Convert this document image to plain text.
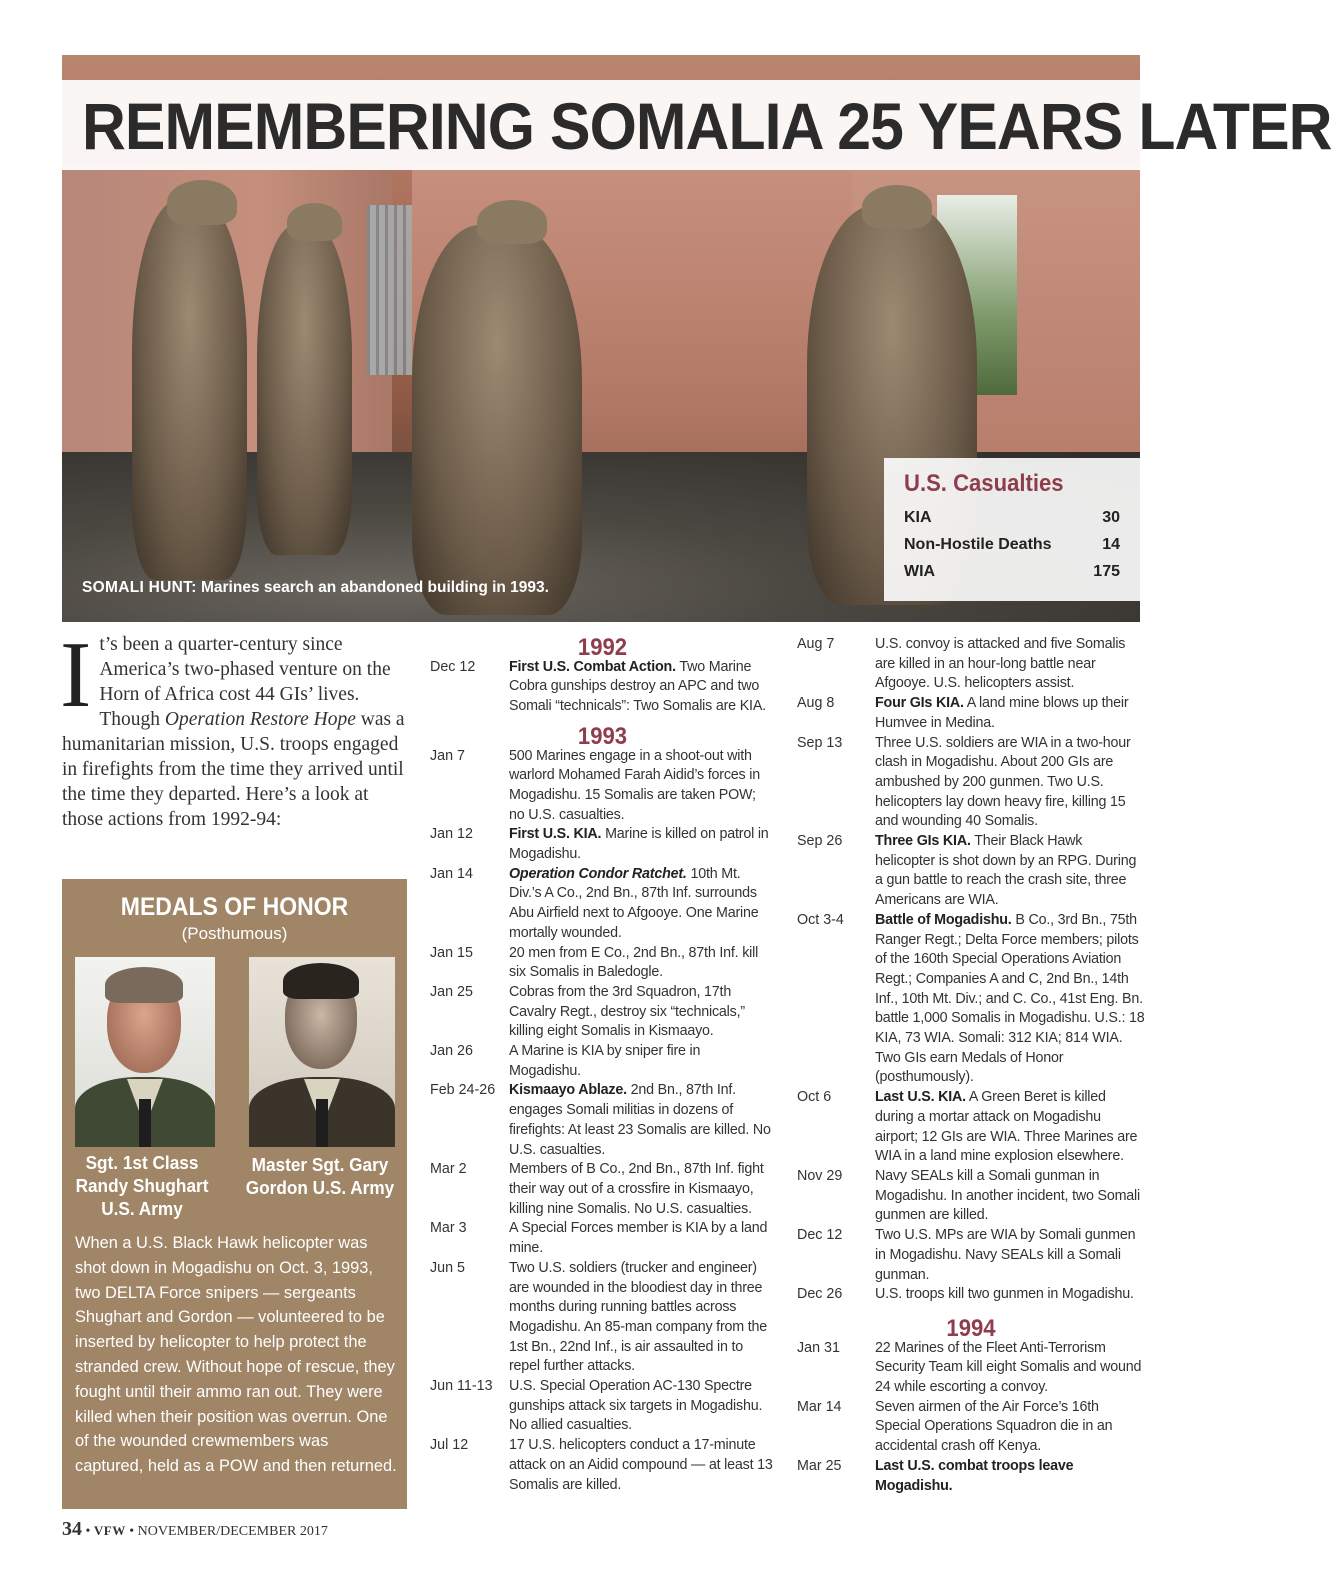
REMEMBERING SOMALIA 25 YEARS LATER
SOMALI HUNT: Marines search an abandoned building in 1993.
U.S. Casualties
KIA	30
Non-Hostile Deaths	14
WIA	175
It’s been a quarter-century since America’s two-phased venture on the Horn of Africa cost 44 GIs’ lives. Though Operation Restore Hope was a humanitarian mission, U.S. troops engaged in firefights from the time they arrived until the time they departed. Here’s a look at those actions from 1992-94:
MEDALS OF HONOR
(Posthumous)
Sgt. 1st Class Randy Shughart U.S. Army
Master Sgt. Gary Gordon U.S. Army
When a U.S. Black Hawk helicopter was shot down in Mogadishu on Oct. 3, 1993, two DELTA Force snipers — sergeants Shughart and Gordon — volunteered to be inserted by helicopter to help protect the stranded crew. Without hope of rescue, they fought until their ammo ran out. They were killed when their position was overrun. One of the wounded crewmembers was captured, held as a POW and then returned.
34 • VFW • NOVEMBER/DECEMBER 2017
1992
Dec 12	First U.S. Combat Action. Two Marine Cobra gunships destroy an APC and two Somali “technicals”: Two Somalis are KIA.
1993
Jan 7	500 Marines engage in a shoot-out with warlord Mohamed Farah Aidid’s forces in Mogadishu. 15 Somalis are taken POW; no U.S. casualties.
Jan 12	First U.S. KIA. Marine is killed on patrol in Mogadishu.
Jan 14	Operation Condor Ratchet. 10th Mt. Div.’s A Co., 2nd Bn., 87th Inf. surrounds Abu Airfield next to Afgooye. One Marine mortally wounded.
Jan 15	20 men from E Co., 2nd Bn., 87th Inf. kill six Somalis in Baledogle.
Jan 25	Cobras from the 3rd Squadron, 17th Cavalry Regt., destroy six “technicals,” killing eight Somalis in Kismaayo.
Jan 26	A Marine is KIA by sniper fire in Mogadishu.
Feb 24-26 Kismaayo Ablaze. 2nd Bn., 87th Inf. engages Somali militias in dozens of firefights: At least 23 Somalis are killed. No U.S. casualties.
Mar 2	Members of B Co., 2nd Bn., 87th Inf. fight their way out of a crossfire in Kismaayo, killing nine Somalis. No U.S. casualties.
Mar 3	A Special Forces member is KIA by a land mine.
Jun 5	Two U.S. soldiers (trucker and engineer) are wounded in the bloodiest day in three months during running battles across Mogadishu. An 85-man company from the 1st Bn., 22nd Inf., is air assaulted in to repel further attacks.
Jun 11-13	U.S. Special Operation AC-130 Spectre gunships attack six targets in Mogadishu. No allied casualties.
Jul 12	17 U.S. helicopters conduct a 17-minute attack on an Aidid compound — at least 13 Somalis are killed.
Aug 7	U.S. convoy is attacked and five Somalis are killed in an hour-long battle near Afgooye. U.S. helicopters assist.
Aug 8	Four GIs KIA. A land mine blows up their Humvee in Medina.
Sep 13	Three U.S. soldiers are WIA in a two-hour clash in Mogadishu. About 200 GIs are ambushed by 200 gunmen. Two U.S. helicopters lay down heavy fire, killing 15 and wounding 40 Somalis.
Sep 26	Three GIs KIA. Their Black Hawk helicopter is shot down by an RPG. During a gun battle to reach the crash site, three Americans are WIA.
Oct 3-4	Battle of Mogadishu. B Co., 3rd Bn., 75th Ranger Regt.; Delta Force members; pilots of the 160th Special Operations Aviation Regt.; Companies A and C, 2nd Bn., 14th Inf., 10th Mt. Div.; and C. Co., 41st Eng. Bn. battle 1,000 Somalis in Mogadishu. U.S.: 18 KIA, 73 WIA. Somali: 312 KIA; 814 WIA. Two GIs earn Medals of Honor (posthumously).
Oct 6	Last U.S. KIA. A Green Beret is killed during a mortar attack on Mogadishu airport; 12 GIs are WIA. Three Marines are WIA in a land mine explosion elsewhere.
Nov 29	Navy SEALs kill a Somali gunman in Mogadishu. In another incident, two Somali gunmen are killed.
Dec 12	Two U.S. MPs are WIA by Somali gunmen in Mogadishu. Navy SEALs kill a Somali gunman.
Dec 26	U.S. troops kill two gunmen in Mogadishu.
1994
Jan 31	22 Marines of the Fleet Anti-Terrorism Security Team kill eight Somalis and wound 24 while escorting a convoy.
Mar 14	Seven airmen of the Air Force’s 16th Special Operations Squadron die in an accidental crash off Kenya.
Mar 25	Last U.S. combat troops leave Mogadishu.
